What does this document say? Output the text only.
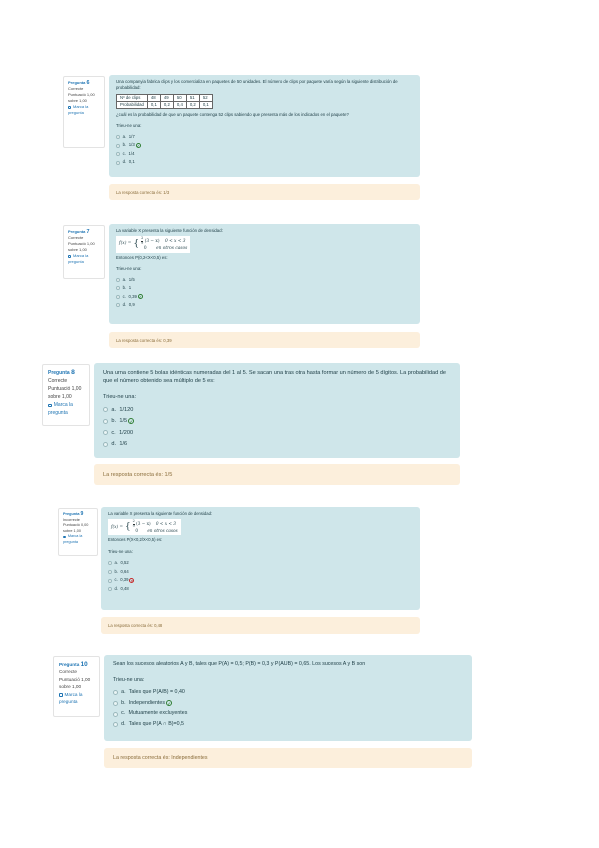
Pregunta 6
Correcte
Puntuació 1,00 sobre 1,00
Marca la pregunta

Una companyia fabrica clips y los comercializa en paquetes de 50 unidades. El número de clips por paquete varía según la siguiente distribución de probabilidad:

Nº de clips	48	49	50	51	52
Probabilidad	0,1	0,2	0,4	0,2	0,1

¿cuál es la probabilidad de que un paquete contenga 52 clips sabiendo que presenta más de los indicados en el paquete?

Trieu-ne una:

a. 1/7
b. 1/3 ✓
c. 1/4
d. 0,1
La resposta correcta és: 1/3
Pregunta 7
Correcte
Puntuació 1,00 sobre 1,00
Marca la pregunta

La variable X presenta la siguiente función de densidad:

f(x) = { $\frac{2}{9} (3 - x) 0 < x < 3$
0 en otros casos

Entonces P(0,2<X<0,5) es:

Trieu-ne una:

a. 1/5
b. 1
c. 0,39 ✓
d. 0,9
La resposta correcta és: 0,39
Pregunta 8
Correcte
Puntuació 1,00 sobre 1,00
Marca la pregunta

Una urna contiene 5 bolas idénticas numeradas del 1 al 5. Se sacan una tras otra hasta formar un número de 5 dígitos. La probabilidad de que el número obtenido sea múltiplo de 5 es:

Trieu-ne una:

a. 1/120
b. 1/5 ✓
c. 1/200
d. 1/6
La resposta correcta és: 1/5
Pregunta 9
Incorrecte
Puntuació 0,00 sobre 1,00
Marca la pregunta

La variable X presenta la siguiente función de densidad:

f(x) = { $\frac{2}{9} (3 - x) 0 < x < 3$
0 en otros casos

Entonces P(X<0,2/X<0,5) es:

Trieu-ne una:

a. 0,52
b. 0,64
c. 0,39 ✕
d. 0,48
La resposta correcta és: 0,48
Pregunta 10
Correcte
Puntuació 1,00 sobre 1,00
Marca la pregunta

Sean los sucesos aleatorios A y B, tales que P(A) = 0,5; P(B) = 0,3 y P(AUB) = 0,65. Los sucesos A y B son

Trieu-ne una:

a. Tales que P(A/B) = 0,40
b. Independientes ✓
c. Mutuamente excluyentes
d. Tales que P(A ∩ B)=0,5
La resposta correcta és: Independientes
